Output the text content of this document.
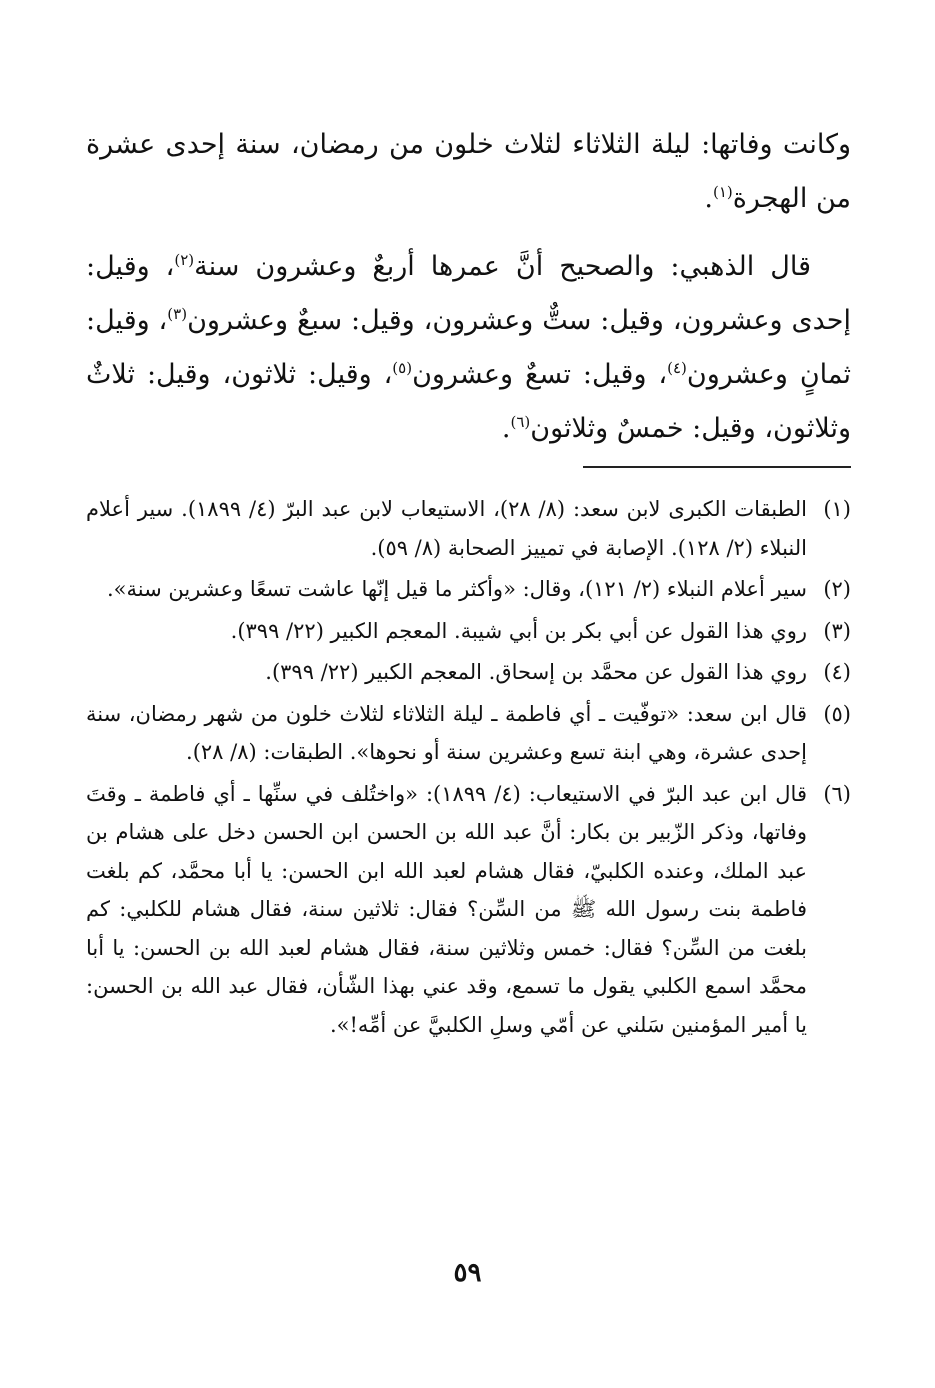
وكانت وفاتها: ليلة الثلاثاء لثلاث خلون من رمضان، سنة إحدى عشرة من الهجرة$^{(١)}$.

قال الذهبي: والصحيح أنَّ عمرها أربعٌ وعشرون سنة$^{(٢)}$، وقيل: إحدى وعشرون، وقيل: ستٌّ وعشرون، وقيل: سبعٌ وعشرون$^{(٣)}$، وقيل: ثمانٍ وعشرون$^{(٤)}$، وقيل: تسعٌ وعشرون$^{(٥)}$، وقيل: ثلاثون، وقيل: ثلاثٌ وثلاثون، وقيل: خمسٌ وثلاثون$^{(٦)}$.

(١)
الطبقات الكبرى لابن سعد: (٨/ ٢٨)، الاستيعاب لابن عبد البرّ (٤/ ١٨٩٩). سير أعلام النبلاء (٢/ ١٢٨). الإصابة في تمييز الصحابة (٨/ ٥٩).
(٢)
سير أعلام النبلاء (٢/ ١٢١)، وقال: «وأكثر ما قيل إنّها عاشت تسعًا وعشرين سنة».
(٣)
روي هذا القول عن أبي بكر بن أبي شيبة. المعجم الكبير (٢٢/ ٣٩٩).
(٤)
روي هذا القول عن محمَّد بن إسحاق. المعجم الكبير (٢٢/ ٣٩٩).
(٥)
قال ابن سعد: «توفّيت ـ أي فاطمة ـ ليلة الثلاثاء لثلاث خلون من شهر رمضان، سنة إحدى عشرة، وهي ابنة تسع وعشرين سنة أو نحوها». الطبقات: (٨/ ٢٨).
(٦)
قال ابن عبد البرّ في الاستيعاب: (٤/ ١٨٩٩): «واختُلف في سنِّها ـ أي فاطمة ـ وقتَ وفاتها، وذكر الزّبير بن بكار: أنَّ عبد الله بن الحسن ابن الحسن دخل على هشام بن عبد الملك، وعنده الكلبيّ، فقال هشام لعبد الله ابن الحسن: يا أبا محمَّد، كم بلغت فاطمة بنت رسول الله ﷺ من السِّن؟ فقال: ثلاثين سنة، فقال هشام للكلبي: كم بلغت من السِّن؟ فقال: خمس وثلاثين سنة، فقال هشام لعبد الله بن الحسن: يا أبا محمَّد اسمع الكلبي يقول ما تسمع، وقد عني بهذا الشّأن، فقال عبد الله بن الحسن: يا أمير المؤمنين سَلني عن أمّي وسلِ الكلبيَّ عن أمِّه!».
٥٩
